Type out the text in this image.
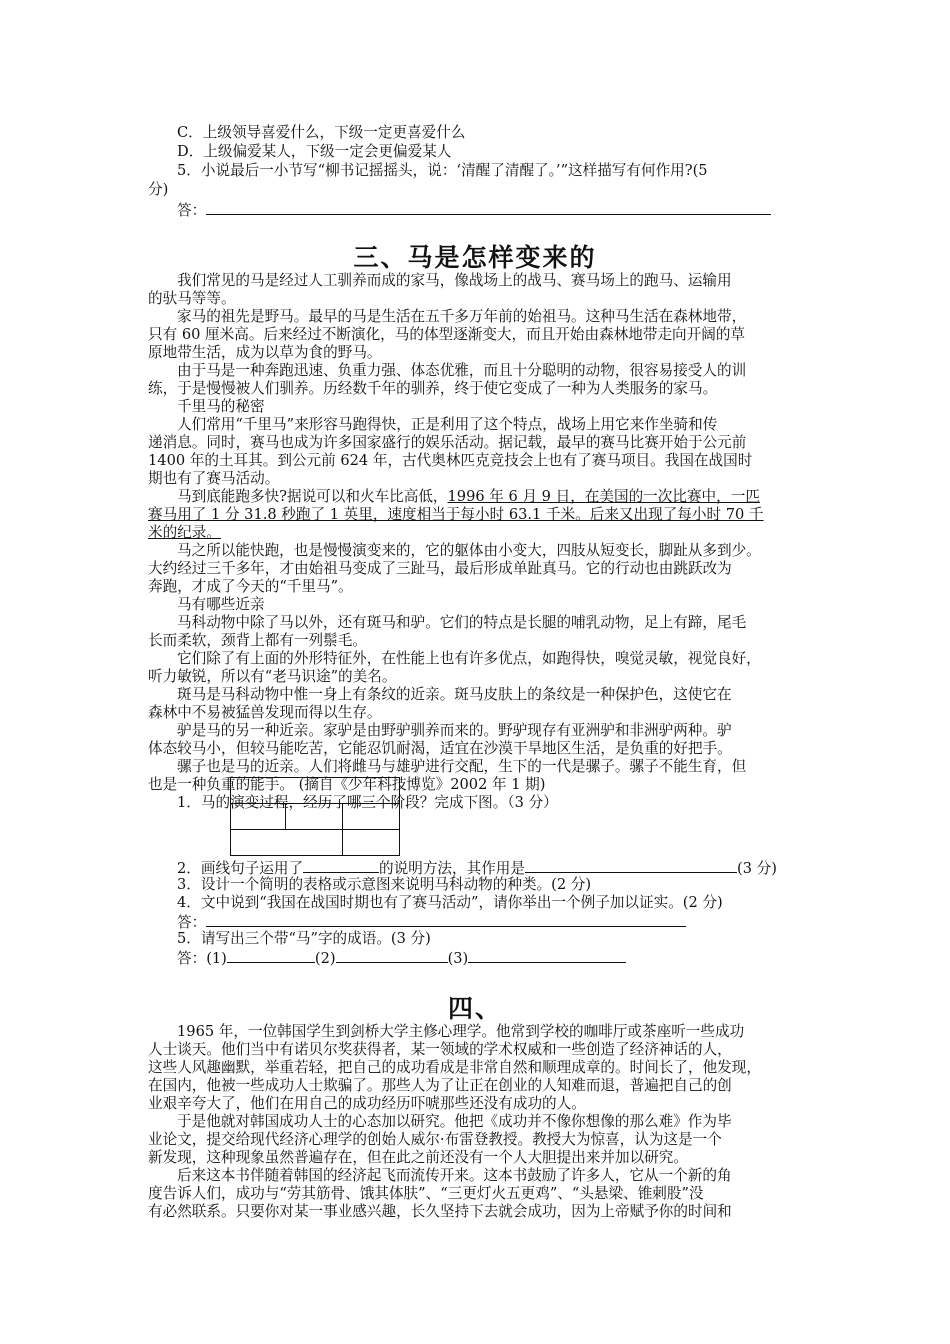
C．上级领导喜爱什么，下级一定更喜爱什么
D．上级偏爱某人，下级一定会更偏爱某人
5．小说最后一小节写“柳书记摇摇头，说：‘清醒了清醒了。’”这样描写有何作用?(5
分)
答：
三、马是怎样变来的
我们常见的马是经过人工驯养而成的家马，像战场上的战马、赛马场上的跑马、运输用
的驮马等等。
家马的祖先是野马。最早的马是生活在五千多万年前的始祖马。这种马生活在森林地带，
只有 60 厘米高。后来经过不断演化，马的体型逐渐变大，而且开始由森林地带走向开阔的草
原地带生活，成为以草为食的野马。
由于马是一种奔跑迅速、负重力强、体态优雅，而且十分聪明的动物，很容易接受人的训
练，于是慢慢被人们驯养。历经数千年的驯养，终于使它变成了一种为人类服务的家马。
千里马的秘密
人们常用“千里马”来形容马跑得快，正是利用了这个特点，战场上用它来作坐骑和传
递消息。同时，赛马也成为许多国家盛行的娱乐活动。据记载，最早的赛马比赛开始于公元前
1400 年的土耳其。到公元前 624 年，古代奥林匹克竞技会上也有了赛马项目。我国在战国时
期也有了赛马活动。
马到底能跑多快?据说可以和火车比高低，1996 年 6 月 9 日，在美国的一次比赛中，一匹
赛马用了 1 分 31.8 秒跑了 1 英里，速度相当于每小时 63.1 千米。后来又出现了每小时 70 千
米的纪录。
马之所以能快跑，也是慢慢演变来的，它的躯体由小变大，四肢从短变长，脚趾从多到少。
大约经过三千多年，才由始祖马变成了三趾马，最后形成单趾真马。它的行动也由跳跃改为
奔跑，才成了今天的“千里马”。
马有哪些近亲
马科动物中除了马以外，还有斑马和驴。它们的特点是长腿的哺乳动物，足上有蹄，尾毛
长而柔软，颈背上都有一列鬃毛。
它们除了有上面的外形特征外，在性能上也有许多优点，如跑得快，嗅觉灵敏，视觉良好，
听力敏锐，所以有“老马识途”的美名。
斑马是马科动物中惟一身上有条纹的近亲。斑马皮肤上的条纹是一种保护色，这使它在
森林中不易被猛兽发现而得以生存。
驴是马的另一种近亲。家驴是由野驴驯养而来的。野驴现存有亚洲驴和非洲驴两种。驴
体态较马小，但较马能吃苦，它能忍饥耐渴，适宜在沙漠干旱地区生活，是负重的好把手。
骡子也是马的近亲。人们将雌马与雄驴进行交配，生下的一代是骡子。骡子不能生育，但
也是一种负重的能手。 (摘自《少年科技博览》2002 年 1 期)
1．马的演变过程，经历了哪三个阶段？完成下图。（3 分）
2．画线句子运用了	的说明方法，其作用是	(3 分)
3．设计一个简明的表格或示意图来说明马科动物的种类。(2 分)
4．文中说到“我国在战国时期也有了赛马活动”，请你举出一个例子加以证实。(2 分)
答：
5．请写出三个带“马”字的成语。(3 分)
答：(1)	(2)	(3)
四、
1965 年，一位韩国学生到剑桥大学主修心理学。他常到学校的咖啡厅或茶座听一些成功
人士谈天。他们当中有诺贝尔奖获得者，某一领域的学术权威和一些创造了经济神话的人，
这些人风趣幽默，举重若轻，把自己的成功看成是非常自然和顺理成章的。时间长了，他发现，
在国内，他被一些成功人士欺骗了。那些人为了让正在创业的人知难而退，普遍把自己的创
业艰辛夸大了，他们在用自己的成功经历吓唬那些还没有成功的人。
于是他就对韩国成功人士的心态加以研究。他把《成功并不像你想像的那么难》作为毕
业论文，提交给现代经济心理学的创始人威尔·布雷登教授。教授大为惊喜，认为这是一个
新发现，这种现象虽然普遍存在，但在此之前还没有一个人大胆提出来并加以研究。
后来这本书伴随着韩国的经济起飞而流传开来。这本书鼓励了许多人，它从一个新的角
度告诉人们，成功与“劳其筋骨、饿其体肤”、“三更灯火五更鸡”、“头悬梁、锥刺股”没
有必然联系。只要你对某一事业感兴趣，长久坚持下去就会成功，因为上帝赋予你的时间和
